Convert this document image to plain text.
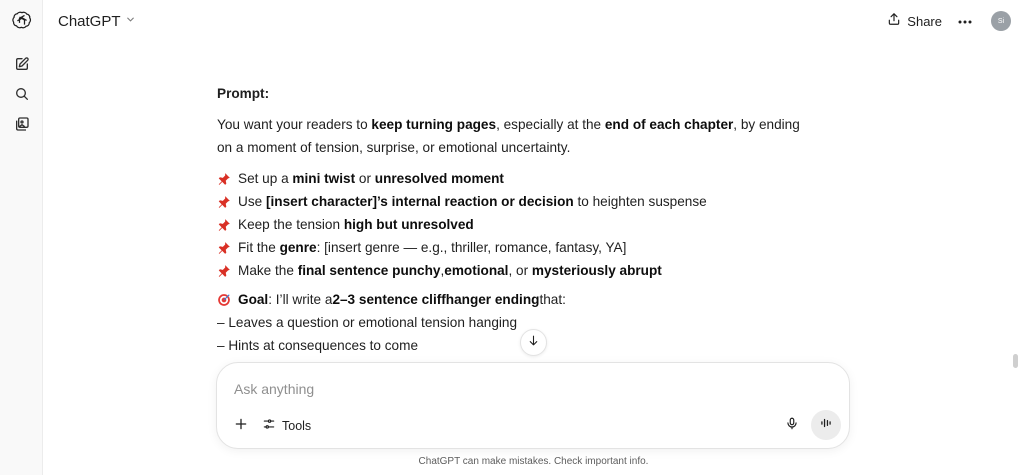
ChatGPT	Share	Si

Prompt:

You want your readers to keep turning pages, especially at the end of each chapter, by ending on a moment of tension, surprise, or emotional uncertainty.

Set up a
mini twist
or
unresolved moment
Use
[insert character]’s internal reaction or decision
to heighten suspense
Keep the tension
high but unresolved
Fit the
genre : [insert genre — e.g., thriller, romance, fantasy, YA]
Make the
final sentence punchy , emotional , or
mysteriously abrupt
Goal : I’ll write a 2–3 sentence cliffhanger ending that:

– Leaves a question or emotional tension hanging

– Hints at consequences to come

Ask anything
Tools
ChatGPT can make mistakes. Check important info.
